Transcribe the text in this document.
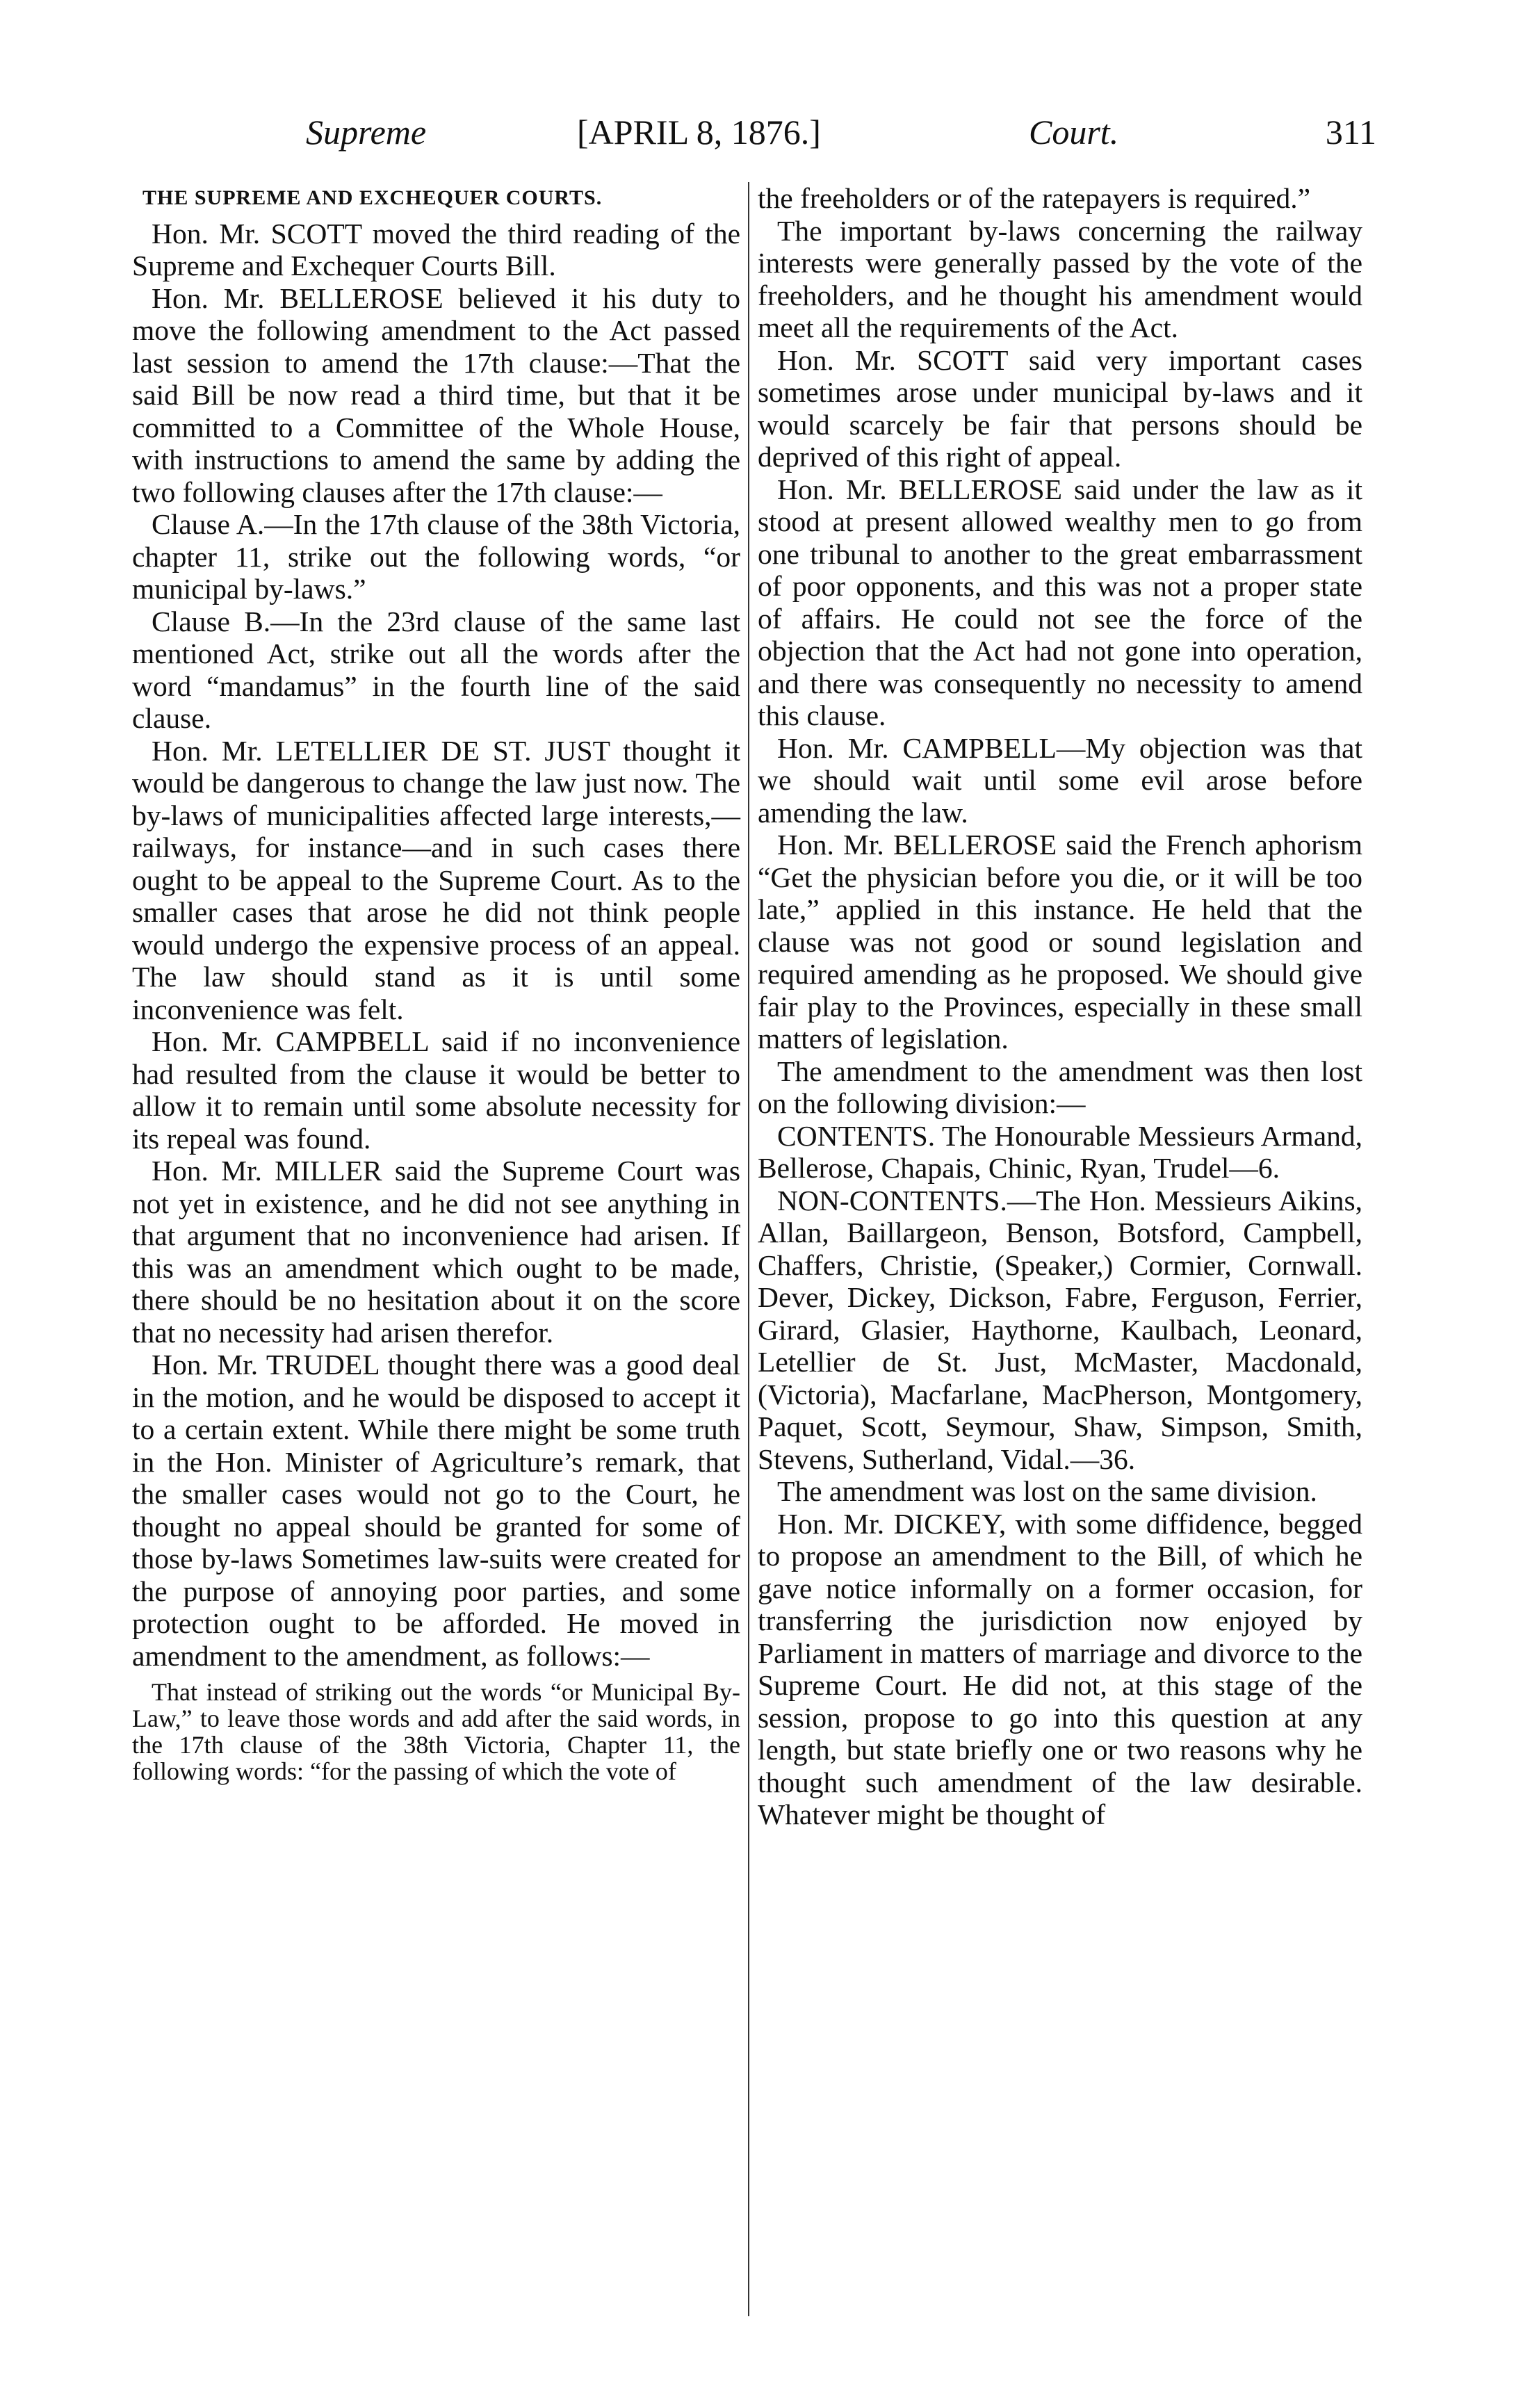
Supreme	[APRIL 8, 1876.]	Court.	311

THE SUPREME AND EXCHEQUER COURTS.

Hon. Mr. SCOTT moved the third reading of the Supreme and Exchequer Courts Bill.

Hon. Mr. BELLEROSE believed it his duty to move the following amendment to the Act passed last session to amend the 17th clause:—That the said Bill be now read a third time, but that it be committed to a Committee of the Whole House, with instructions to amend the same by adding the two following clauses after the 17th clause:—

Clause A.—In the 17th clause of the 38th Victoria, chapter 11, strike out the following words, “or municipal by-laws.”

Clause B.—In the 23rd clause of the same last mentioned Act, strike out all the words after the word “mandamus” in the fourth line of the said clause.

Hon. Mr. LETELLIER DE ST. JUST thought it would be dangerous to change the law just now. The by-laws of municipalities affected large interests,—railways, for instance—and in such cases there ought to be appeal to the Supreme Court. As to the smaller cases that arose he did not think people would undergo the expensive process of an appeal. The law should stand as it is until some inconvenience was felt.

Hon. Mr. CAMPBELL said if no inconvenience had resulted from the clause it would be better to allow it to remain until some absolute necessity for its repeal was found.

Hon. Mr. MILLER said the Supreme Court was not yet in existence, and he did not see anything in that argument that no inconvenience had arisen. If this was an amendment which ought to be made, there should be no hesitation about it on the score that no necessity had arisen therefor.

Hon. Mr. TRUDEL thought there was a good deal in the motion, and he would be disposed to accept it to a certain extent. While there might be some truth in the Hon. Minister of Agriculture’s remark, that the smaller cases would not go to the Court, he thought no appeal should be granted for some of those by-laws Sometimes law-suits were created for the purpose of annoying poor parties, and some protection ought to be afforded. He moved in amendment to the amendment, as follows:—

That instead of striking out the words “or Municipal By-Law,” to leave those words and add after the said words, in the 17th clause of the 38th Victoria, Chapter 11, the following words: “for the passing of which the vote of

the freeholders or of the ratepayers is required.”

The important by-laws concerning the railway interests were generally passed by the vote of the freeholders, and he thought his amendment would meet all the requirements of the Act.

Hon. Mr. SCOTT said very important cases sometimes arose under municipal by-laws and it would scarcely be fair that persons should be deprived of this right of appeal.

Hon. Mr. BELLEROSE said under the law as it stood at present allowed wealthy men to go from one tribunal to another to the great embarrassment of poor opponents, and this was not a proper state of affairs. He could not see the force of the objection that the Act had not gone into operation, and there was consequently no necessity to amend this clause.

Hon. Mr. CAMPBELL—My objection was that we should wait until some evil arose before amending the law.

Hon. Mr. BELLEROSE said the French aphorism “Get the physician before you die, or it will be too late,” applied in this instance. He held that the clause was not good or sound legislation and required amending as he proposed. We should give fair play to the Provinces, especially in these small matters of legislation.

The amendment to the amendment was then lost on the following division:—

CONTENTS. The Honourable Messieurs Armand, Bellerose, Chapais, Chinic, Ryan, Trudel—6.

NON-CONTENTS.—The Hon. Messieurs Aikins, Allan, Baillargeon, Benson, Botsford, Campbell, Chaffers, Christie, (Speaker,) Cormier, Cornwall. Dever, Dickey, Dickson, Fabre, Ferguson, Ferrier, Girard, Glasier, Haythorne, Kaulbach, Leonard, Letellier de St. Just, McMaster, Macdonald, (Victoria), Macfarlane, MacPherson, Montgomery, Paquet, Scott, Seymour, Shaw, Simpson, Smith, Stevens, Sutherland, Vidal.—36.

The amendment was lost on the same division.

Hon. Mr. DICKEY, with some diffidence, begged to propose an amendment to the Bill, of which he gave notice informally on a former occasion, for transferring the jurisdiction now enjoyed by Parliament in matters of marriage and divorce to the Supreme Court. He did not, at this stage of the session, propose to go into this question at any length, but state briefly one or two reasons why he thought such amendment of the law desirable. Whatever might be thought of
